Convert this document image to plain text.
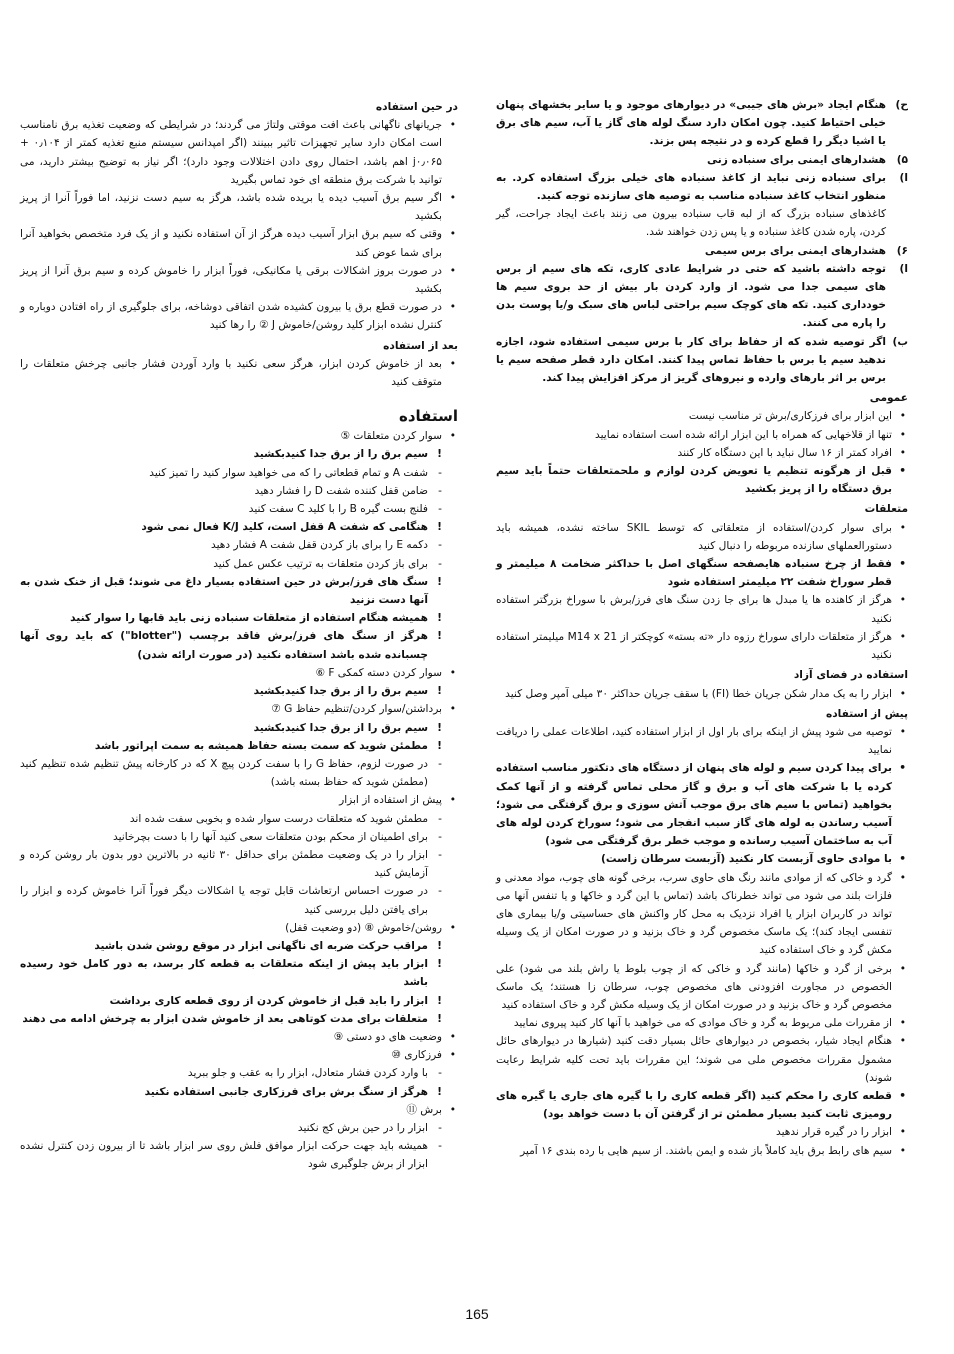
ح)
هنگام ایجاد «برش های جیبی» در دیوارهای موجود و یا سایر بخشهای پنهان خیلی احتیاط کنید. چون امکان دارد سنگ لوله های گاز یا آب، سیم های برق یا اشیا دیگر را قطع کرده و در نتیجه پس بزند.
۵)
هشدارهای ایمنی برای سنباده زنی
ا)
برای سنباده زنی نباید از کاغذ سنباده های خیلی بزرگ استفاده کرد. به منظور انتخاب کاغذ سنباده مناسب به توصیه های سازنده توجه کنید.
کاغذهای سنباده بزرگ که از لبه قاب سنباده بیرون می زنند باعث ایجاد جراحت، گیر کردن، پاره شدن کاغذ سنباده و یا پس زدن خواهند شد.
۶)
هشدارهای ایمنی برای برس سیمی
ا)
توجه داشته باشید که حتی در شرایط عادی کاری، تکه های سیم از برس های سیمی جدا می شود. از وارد کردن بار بیش از حد بروی سیم ها خودداری کنید. تکه های کوچک سیم براحتی لباس های سبک و/یا پوست بدن را پاره می کنند.
ب)
اگر توصیه شده که از حفاظ برای کار با برس سیمی استفاده شود، اجازه ندهید سیم یا برس با حفاظ تماس پیدا کنند. امکان دارد قطر صفحه سیم یا برس بر اثر بارهای وارده و نیروهای گریز از مرکز افزایش پیدا کند.
عمومی
• این ابزار برای فرزکاری/برش تر مناسب نیست
• تنها از قلاخهایی که همراه با این ابزار ارائه شده است استفاده نمایید
• افراد کمتر از ۱۶ سال نباید با این دستگاه کار کنند
• قبل از هرگونه تنظیم یا تعویض کردن لوازم و ملحمتعلقات حتماً باید سیم برق دستگاه را از پریز بکشید
متعلقات
• برای سوار کردن/استفاده از متعلقاتی که توسط SKIL ساخته نشده، همیشه باید دستورالعملهای سازنده مربوطه را دنبال کنید
• فقط از چرخ سنباده هایصفحه سنگهای اصل با حداکثر ضخامت ۸ میلیمتر و قطر سوراخ شفت ۲۲ میلیمتر استفاده شود
• هرگز از کاهنده ها یا مبدل ها برای جا زدن سنگ های فرز/برش با سوراخ بزرگتر استفاده نکنید
• هرگز از متعلقات دارای سوراخ رزوه دار «ته بسته» کوچکتر از M14 x 21 میلیمتر استفاده نکنید
استفاده در فضای آزاد
• ابزار را به یک مدار شکن جریان خطا (FI) با سقف جریان حداکثر ۳۰ میلی آمپر وصل کنید
پیش از استفاده
• توصیه می شود پیش از اینکه برای بار اول از ابزار استفاده کنید، اطلاعات عملی را دریافت نمایید
• برای پیدا کردن سیم و لوله های پنهان از دستگاه های دتکتور مناسب استفاده کرده یا با شرکت های آب و برق و گاز محلی تماس گرفته و از آنها کمک بخواهید (تماس با سیم های برق موجب آتش سوزی و برق گرفتگی می شود؛ آسیب رساندن به لوله های گاز سبب انفجار می شود؛ سوراخ کردن لوله های آب به ساختمان آسیب رسانده و موجب خطر برق گرفتگی می شود)
• با موادی حاوی آزبست کار نکنید (آزبست سرطان زاست)
• گرد و خاکی که از موادی مانند رنگ های حاوی سرب، برخی گونه های چوب، مواد معدنی و فلزات بلند می شود می تواند خطرناک باشد (تماس با این گرد و خاکها و یا تنفس آنها می تواند در کاربران ابزار یا افراد نزدیک به محل کار واکنش های حساسیتی و/یا بیماری های تنفسی ایجاد کند)؛ یک ماسک مخصوص گرد و خاک بزنید و در صورت امکان از یک وسیله مکش گرد و خاک استفاده کنید
• برخی از گرد و خاکها (مانند گرد و خاکی که از چوب بلوط یا راش بلند می شود) علی الخصوص در مجاورت افزودنی های مخصوص چوب، سرطان زا هستند؛ یک ماسک مخصوص گرد و خاک بزنید و در صورت امکان از یک وسیله مکش گرد و خاک استفاده کنید
• از مقررات ملی مربوط به گرد و خاک موادی که می خواهید با آنها کار کنید پیروی نمایید
• هنگام ایجاد شیار، بخصوص در دیوارهای حائل بسیار دقت کنید (شیارها در دیوارهای حائل مشمول مقررات مخصوص ملی می شوند؛ این مقررات باید تحت کلیه شرایط رعایت شوند)
• قطعه کاری را محکم کنید (اگر قطعه کاری را با گیره های جاری یا گیره های رومیزی ثابت کنید بسیار مطمئن تر از گرفتن آن با دست خواهد بود)
• ابزار را در گیره قرار ندهید
• سیم های رابط برق باید کاملاً باز شده و ایمن باشند. از سیم هایی با رده بندی ۱۶ آمپر
در حین استفاده
• جریانهای ناگهانی باعث افت موقتی ولتاژ می گردند؛ در شرایطی که وضعیت تغذیه برق نامناسب است امکان دارد سایر تجهیزات تاثیر ببینند (اگر امپدانس سیستم منبع تغذیه کمتر از ۰٫۱۰۴ + j۰٫۰۶۵ اهم باشد، احتمال روی دادن اختلالات وجود دارد)؛ اگر نیاز به توضیح بیشتر دارید، می توانید با شرکت برق منطقه ای خود تماس بگیرید
• اگر سیم برق آسیب دیده یا بریده شده باشد، هرگز به سیم دست نزنید، اما فوراً آنرا از پریز بکشید
• وقتی که سیم برق ابزار آسیب دیده هرگز از آن استفاده نکنید و از یک فرد متخصص بخواهید آنرا برای شما عوض کند
• در صورت بروز اشکالات برقی یا مکانیکی، فوراً ابزار را خاموش کرده و سیم برق آنرا از پریز بکشید
• در صورت قطع برق یا بیرون کشیده شدن اتفاقی دوشاخه، برای جلوگیری از راه افتادن دوباره و کنترل نشده ابزار کلید روشن/خاموش J ② را رها کنید
بعد از استفاده
• بعد از خاموش کردن ابزار، هرگز سعی نکنید با وارد آوردن فشار جانبی چرخش متعلقات را متوقف کنید
استفاده
• سوار کردن متعلقات ⑤
! سیم برق را از برق جدا کنیدبکشید
- شفت A و تمام قطعاتی را که می خواهید سوار کنید را تمیز کنید
- ضامن قفل کننده شفت D را فشار دهید
- فلنج بست گیره B را با کلید C سفت کنید
! هنگامی که شفت A قفل است، کلید K/J فعال نمی شود
- دکمه E را برای باز کردن قفل شفت A فشار دهید
- برای باز کردن متعلقات به ترتیب عکس عمل کنید
! سنگ های فرز/برش در حین استفاده بسیار داغ می شوند؛ قبل از خنک شدن به آنها دست نزنید
! همیشه هنگام استفاده از متعلقات سنباده زنی باید قابها را سوار کنید
! هرگز از سنگ های فرز/برش فاقد برچسب ("blotter") که باید روی آنها چسبانده شده باشد استفاده نکنید (در صورت ارائه شدن)
• سوار کردن دسته کمکی F ⑥
! سیم برق را از برق جدا کنیدبکشید
• برداشتن/سوار کردن/تنظیم حفاظ G ⑦
! سیم برق را از برق جدا کنیدبکشید
! مطمئن شوید که سمت بسته حفاظ همیشه به سمت اپراتور باشد
- در صورت لزوم، حفاظ G را با سفت کردن پیچ X که در کارخانه پیش تنظیم شده تنظیم کنید (مطمئن شوید که حفاظ بسته باشد)
• پیش از استفاده از ابزار
- مطمئن شوید که متعلقات درست سوار شده و بخوبی سفت شده اند
- برای اطمینان از محکم بودن متعلقات سعی کنید آنها را با دست بچرخانید
- ابزار را در یک وضعیت مطمئن برای حداقل ۳۰ ثانیه در بالاترین دور بدون بار روشن کرده و آزمایش کنید
- در صورت احساس ارتعاشات قابل توجه یا اشکالات دیگر فوراً آنرا خاموش کرده و ابزار را برای یافتن دلیل بررسی کنید
• روشن/خاموش ⑧ (دو وضعیت قفل)
! مراقب حرکت ضربه ای ناگهانی ابزار در موقع روشن شدن باشید
! ابزار باید پیش از اینکه متعلقات به قطعه کار برسد، به دور کامل خود رسیده باشد
! ابزار را باید قبل از خاموش کردن از روی قطعه کاری برداشت
! متعلقات برای مدت کوتاهی بعد از خاموش شدن ابزار به چرخش ادامه می دهند
• وضعیت های دو دستی ⑨
• فرزکاری ⑩
- با وارد کردن فشار متعادل، ابزار را به عقب و جلو ببرید
! هرگز از سنگ برش برای فرزکاری جانبی استفاده نکنید
• برش ⑪
- ابزار را در حین برش کج نکنید
- همیشه باید جهت حرکت ابزار موافق فلش روی سر ابزار باشد تا از بیرون زدن کنترل نشده ابزار از برش جلوگیری شود
165
